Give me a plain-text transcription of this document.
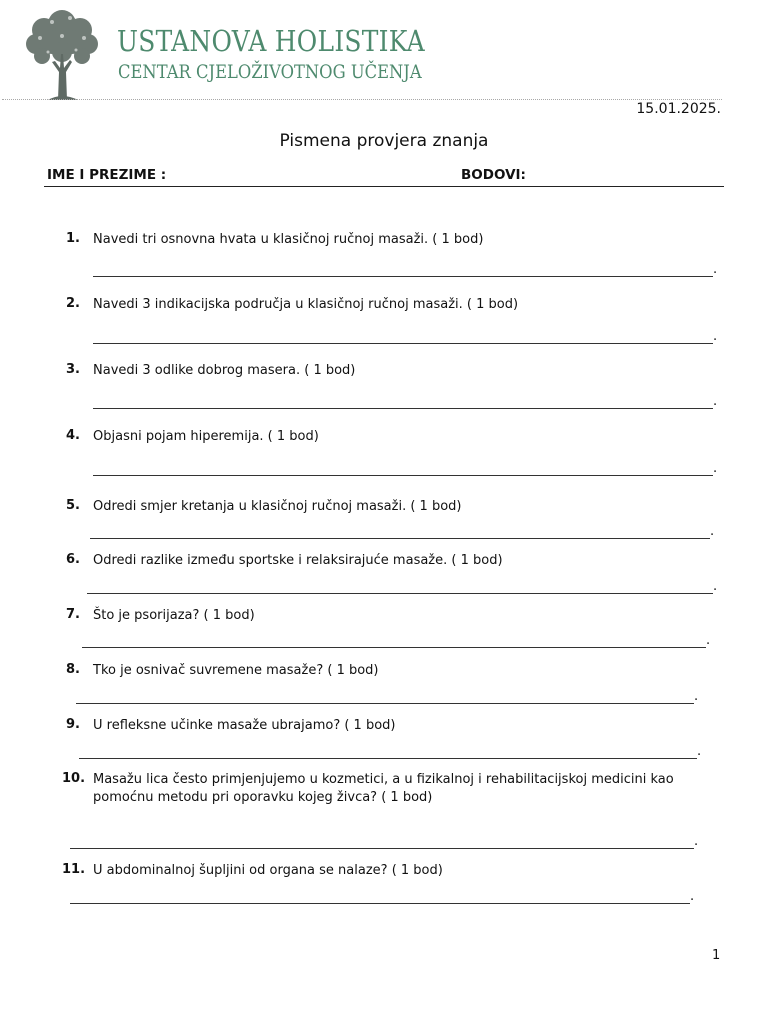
USTANOVA HOLISTIKA
CENTAR CJELOŽIVOTNOG UČENJA
15.01.2025.
Pismena provjera znanja
IME I PREZIME :	BODOVI:
1. Navedi tri osnovna hvata u klasičnoj ručnoj masaži. ( 1 bod)
.
2. Navedi 3 indikacijska područja u klasičnoj ručnoj masaži. ( 1 bod)
.
3. Navedi 3 odlike dobrog masera. ( 1 bod)
.
4. Objasni pojam hiperemija. ( 1 bod)
.
5. Odredi smjer kretanja u klasičnoj ručnoj masaži. ( 1 bod)
.
6. Odredi razlike između sportske i relaksirajuće masaže. ( 1 bod)
.
7. Što je psorijaza? ( 1 bod)
.
8. Tko je osnivač suvremene masaže? ( 1 bod)
.
9. U refleksne učinke masaže ubrajamo? ( 1 bod)
.
10. Masažu lica često primjenjujemo u kozmetici, a u fizikalnoj i rehabilitacijskoj medicini kao pomoćnu metodu pri oporavku kojeg živca? ( 1 bod)
.
11. U abdominalnoj šupljini od organa se nalaze? ( 1 bod)
.
1
